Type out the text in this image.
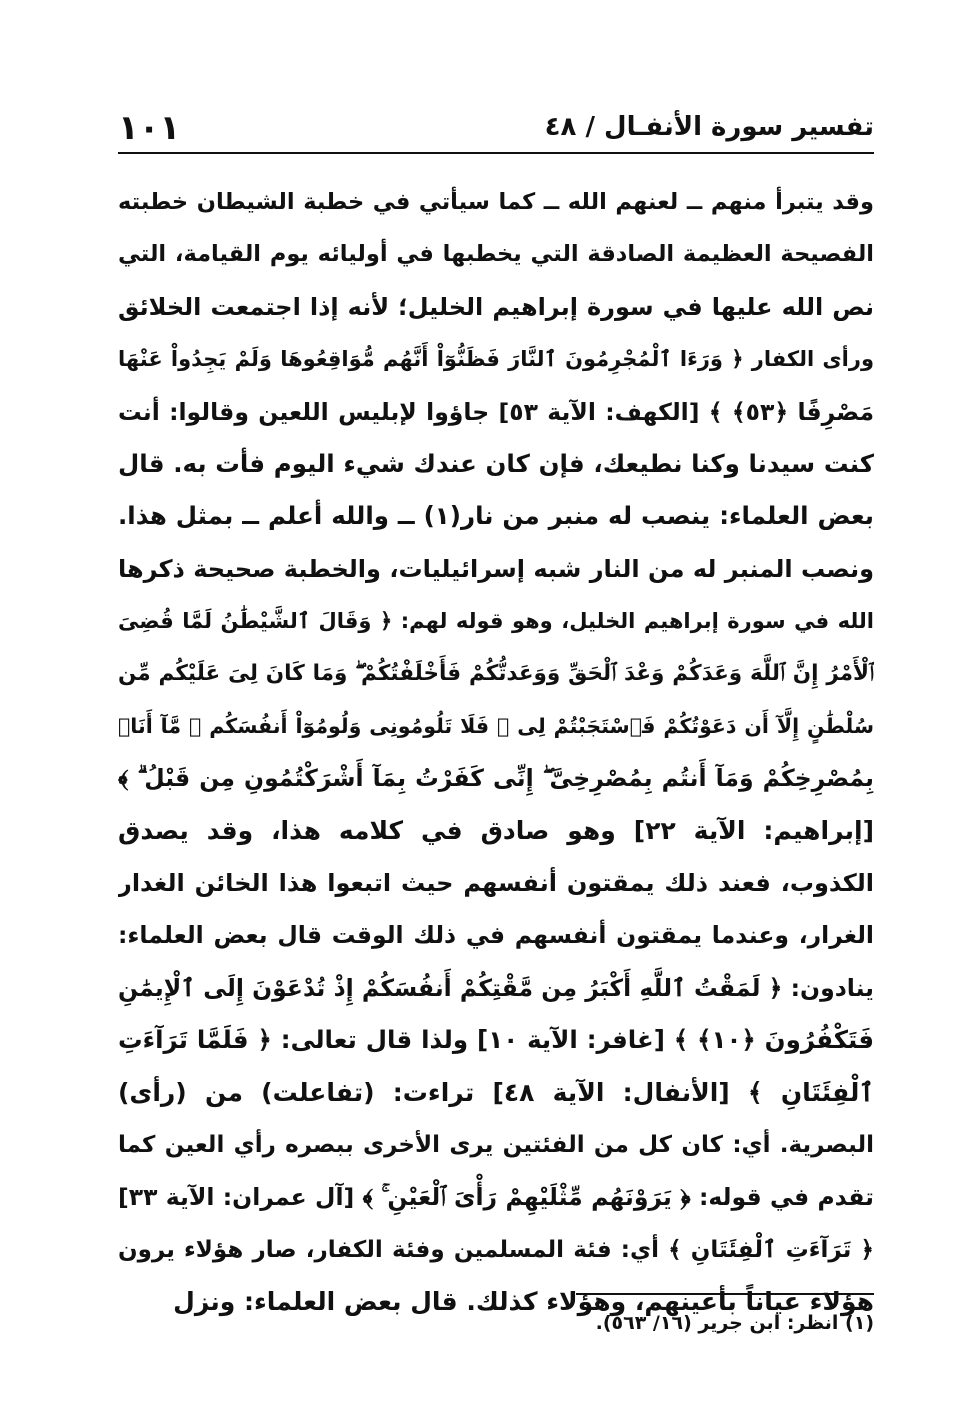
تفسير سورة الأنفـال / ٤٨
١٠١
وقد يتبرأ منهم ــ لعنهم الله ــ كما سيأتي في خطبة الشيطان خطبته
الفصيحة العظيمة الصادقة التي يخطبها في أوليائه يوم القيامة، التي
نص الله عليها في سورة إبراهيم الخليل؛ لأنه إذا اجتمعت الخلائق
ورأى الكفار ﴿ وَرَءَا ٱلْمُجْرِمُونَ ٱلنَّارَ فَظَنُّوٓاْ أَنَّهُم مُّوَاقِعُوهَا وَلَمْ يَجِدُواْ عَنْهَا
مَصْرِفًا ﴿٥٣﴾ ﴾ [الكهف: الآية ٥٣] جاؤوا لإبليس اللعين وقالوا: أنت
كنت سيدنا وكنا نطيعك، فإن كان عندك شيء اليوم فأت به. قال
بعض العلماء: ينصب له منبر من نار(١) ــ والله أعلم ــ بمثل هذا.
ونصب المنبر له من النار شبه إسرائيليات، والخطبة صحيحة ذكرها
الله في سورة إبراهيم الخليل، وهو قوله لهم: ﴿ وَقَالَ ٱلشَّيْطَٰنُ لَمَّا قُضِىَ
ٱلْأَمْرُ إِنَّ ٱللَّهَ وَعَدَكُمْ وَعْدَ ٱلْحَقِّ وَوَعَدتُّكُمْ فَأَخْلَفْتُكُمْ ۖ وَمَا كَانَ لِىَ عَلَيْكُم مِّن
سُلْطَٰنٍ إِلَّآ أَن دَعَوْتُكُمْ فَٱسْتَجَبْتُمْ لِى ۖ فَلَا تَلُومُونِى وَلُومُوٓاْ أَنفُسَكُم ۖ مَّآ أَنَا۠
بِمُصْرِخِكُمْ وَمَآ أَنتُم بِمُصْرِخِىَّ ۖ إِنِّى كَفَرْتُ بِمَآ أَشْرَكْتُمُونِ مِن قَبْلُ ۗ ﴾
[إبراهيم: الآية ٢٢] وهو صادق في كلامه هذا، وقد يصدق
الكذوب، فعند ذلك يمقتون أنفسهم حيث اتبعوا هذا الخائن الغدار
الغرار، وعندما يمقتون أنفسهم في ذلك الوقت قال بعض العلماء:
ينادون: ﴿ لَمَقْتُ ٱللَّهِ أَكْبَرُ مِن مَّقْتِكُمْ أَنفُسَكُمْ إِذْ تُدْعَوْنَ إِلَى ٱلْإِيمَٰنِ
فَتَكْفُرُونَ ﴿١٠﴾ ﴾ [غافر: الآية ١٠] ولذا قال تعالى: ﴿ فَلَمَّا تَرَآءَتِ
ٱلْفِئَتَانِ ﴾ [الأنفال: الآية ٤٨] تراءت: (تفاعلت) من (رأى)
البصرية. أي: كان كل من الفئتين يرى الأخرى ببصره رأي العين كما
تقدم في قوله: ﴿ يَرَوْنَهُم مِّثْلَيْهِمْ رَأْىَ ٱلْعَيْنِ ۚ ﴾ [آل عمران: الآية ٣٣]
﴿ تَرَآءَتِ ٱلْفِئَتَانِ ﴾ أي: فئة المسلمين وفئة الكفار، صار هؤلاء يرون
هؤلاء عياناً بأعينهم، وهؤلاء كذلك. قال بعض العلماء: ونزل
(١) انظر: ابن جرير (١٦/ ٥٦٣).
